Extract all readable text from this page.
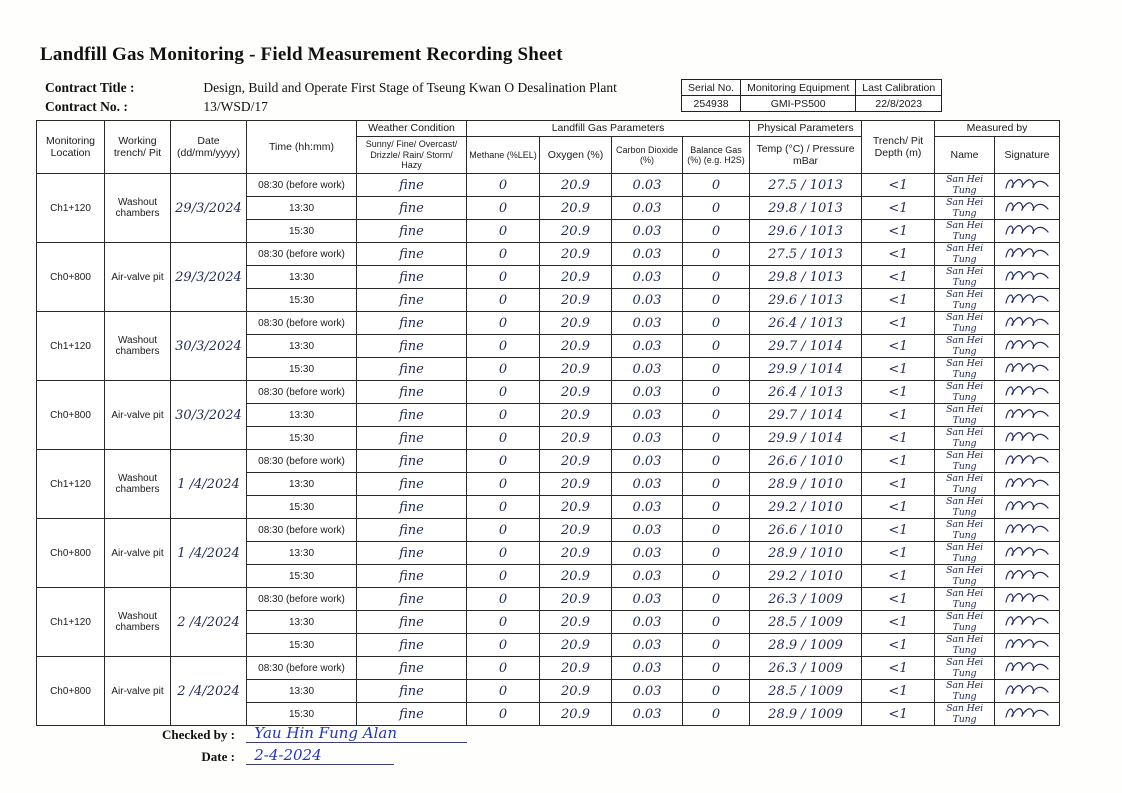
Landfill Gas Monitoring - Field Measurement Recording Sheet
Contract Title :	Design, Build and Operate First Stage of Tseung Kwan O Desalination Plant
Contract No. :	13/WSD/17
Serial No.	Monitoring Equipment	Last Calibration
254938	GMI-PS500	22/8/2023
Monitoring Location	Working trench/ Pit	Date (dd/mm/yyyy)	Time (hh:mm)	Weather Condition	Landfill Gas Parameters				Physical Parameters	Trench/ Pit Depth (m)	Measured by	
				Sunny/ Fine/ Overcast/ Drizzle/ Rain/ Storm/ Hazy	Methane (%LEL)	Oxygen (%)	Carbon Dioxide (%)	Balance Gas (%) (e.g. H2S)	Temp (°C) / Pressure mBar		Name	Signature
Ch1+120	Washout chambers	29/3/2024	08:30 (before work)	fine	0	20.9	0.03	0	27.5 / 1013	<1	San Hei Tung	
			13:30	fine	0	20.9	0.03	0	29.8 / 1013	<1	San Hei Tung	
			15:30	fine	0	20.9	0.03	0	29.6 / 1013	<1	San Hei Tung	
Ch0+800	Air-valve pit	29/3/2024	08:30 (before work)	fine	0	20.9	0.03	0	27.5 / 1013	<1	San Hei Tung	
			13:30	fine	0	20.9	0.03	0	29.8 / 1013	<1	San Hei Tung	
			15:30	fine	0	20.9	0.03	0	29.6 / 1013	<1	San Hei Tung	
Ch1+120	Washout chambers	30/3/2024	08:30 (before work)	fine	0	20.9	0.03	0	26.4 / 1013	<1	San Hei Tung	
			13:30	fine	0	20.9	0.03	0	29.7 / 1014	<1	San Hei Tung	
			15:30	fine	0	20.9	0.03	0	29.9 / 1014	<1	San Hei Tung	
Ch0+800	Air-valve pit	30/3/2024	08:30 (before work)	fine	0	20.9	0.03	0	26.4 / 1013	<1	San Hei Tung	
			13:30	fine	0	20.9	0.03	0	29.7 / 1014	<1	San Hei Tung	
			15:30	fine	0	20.9	0.03	0	29.9 / 1014	<1	San Hei Tung	
Ch1+120	Washout chambers	1 /4/2024	08:30 (before work)	fine	0	20.9	0.03	0	26.6 / 1010	<1	San Hei Tung	
			13:30	fine	0	20.9	0.03	0	28.9 / 1010	<1	San Hei Tung	
			15:30	fine	0	20.9	0.03	0	29.2 / 1010	<1	San Hei Tung	
Ch0+800	Air-valve pit	1 /4/2024	08:30 (before work)	fine	0	20.9	0.03	0	26.6 / 1010	<1	San Hei Tung	
			13:30	fine	0	20.9	0.03	0	28.9 / 1010	<1	San Hei Tung	
			15:30	fine	0	20.9	0.03	0	29.2 / 1010	<1	San Hei Tung	
Ch1+120	Washout chambers	2 /4/2024	08:30 (before work)	fine	0	20.9	0.03	0	26.3 / 1009	<1	San Hei Tung	
			13:30	fine	0	20.9	0.03	0	28.5 / 1009	<1	San Hei Tung	
			15:30	fine	0	20.9	0.03	0	28.9 / 1009	<1	San Hei Tung	
Ch0+800	Air-valve pit	2 /4/2024	08:30 (before work)	fine	0	20.9	0.03	0	26.3 / 1009	<1	San Hei Tung	
			13:30	fine	0	20.9	0.03	0	28.5 / 1009	<1	San Hei Tung	
			15:30	fine	0	20.9	0.03	0	28.9 / 1009	<1	San Hei Tung	
Checked by : Yau Hin Fung Alan
Date : 2-4-2024
